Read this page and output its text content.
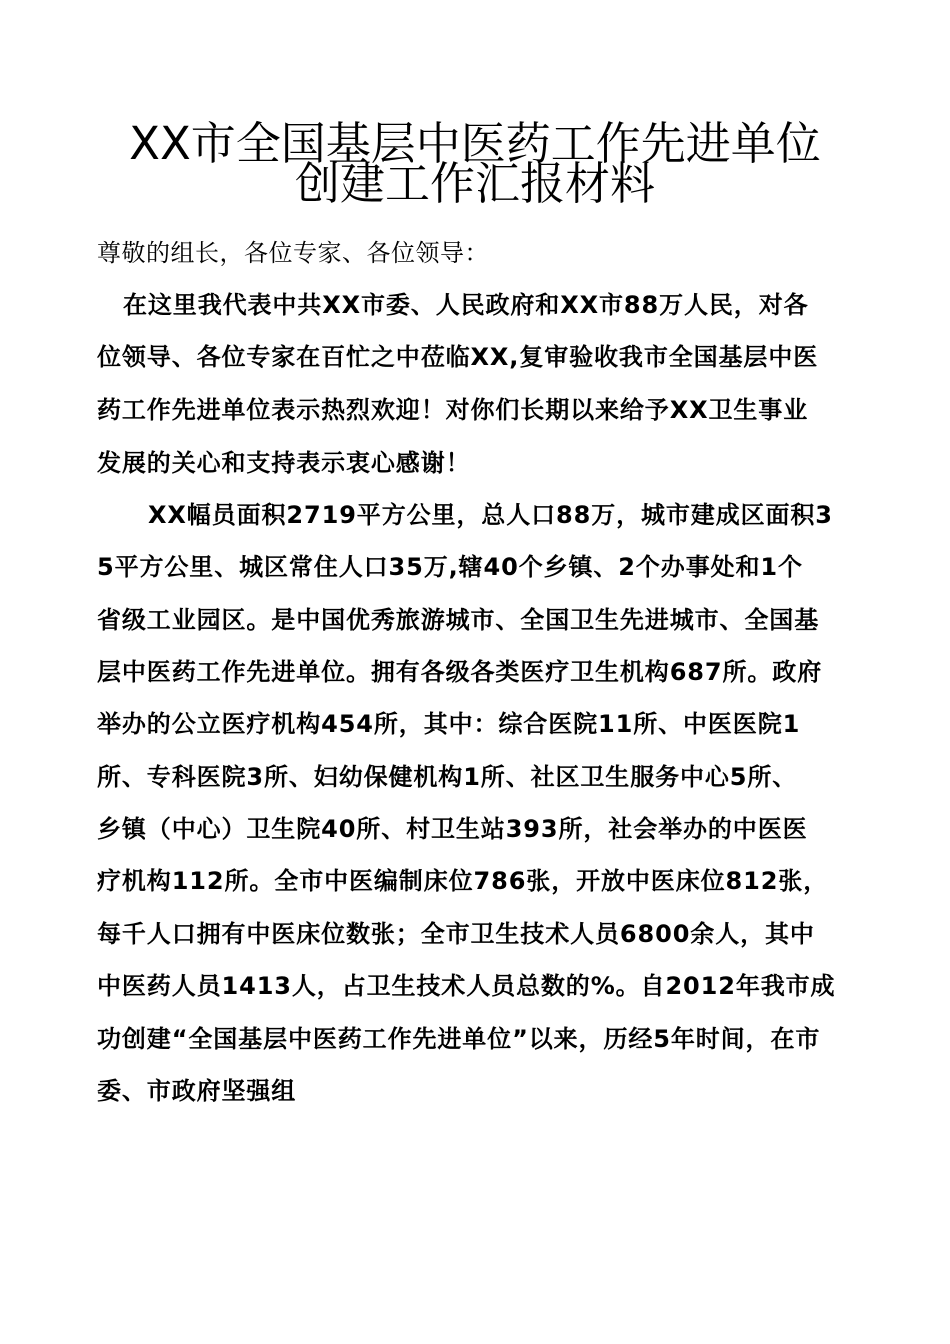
XX市全国基层中医药工作先进单位
创建工作汇报材料
尊敬的组长，各位专家、各位领导：
在这里我代表中共XX市委、人民政府和XX市88万人民，对各
位领导、各位专家在百忙之中莅临XX,复审验收我市全国基层中医
药工作先进单位表示热烈欢迎！对你们长期以来给予XX卫生事业
发展的关心和支持表示衷心感谢！
XX幅员面积2719平方公里，总人口88万，城市建成区面积3
5平方公里、城区常住人口35万,辖40个乡镇、2个办事处和1个
省级工业园区。是中国优秀旅游城市、全国卫生先进城市、全国基
层中医药工作先进单位。拥有各级各类医疗卫生机构687所。政府
举办的公立医疗机构454所，其中：综合医院11所、中医医院1
所、专科医院3所、妇幼保健机构1所、社区卫生服务中心5所、
乡镇（中心）卫生院40所、村卫生站393所，社会举办的中医医
疗机构112所。全市中医编制床位786张，开放中医床位812张，
每千人口拥有中医床位数张；全市卫生技术人员6800余人，其中
中医药人员1413人，占卫生技术人员总数的%。自2012年我市成
功创建“全国基层中医药工作先进单位”以来，历经5年时间，在市
委、市政府坚强组
